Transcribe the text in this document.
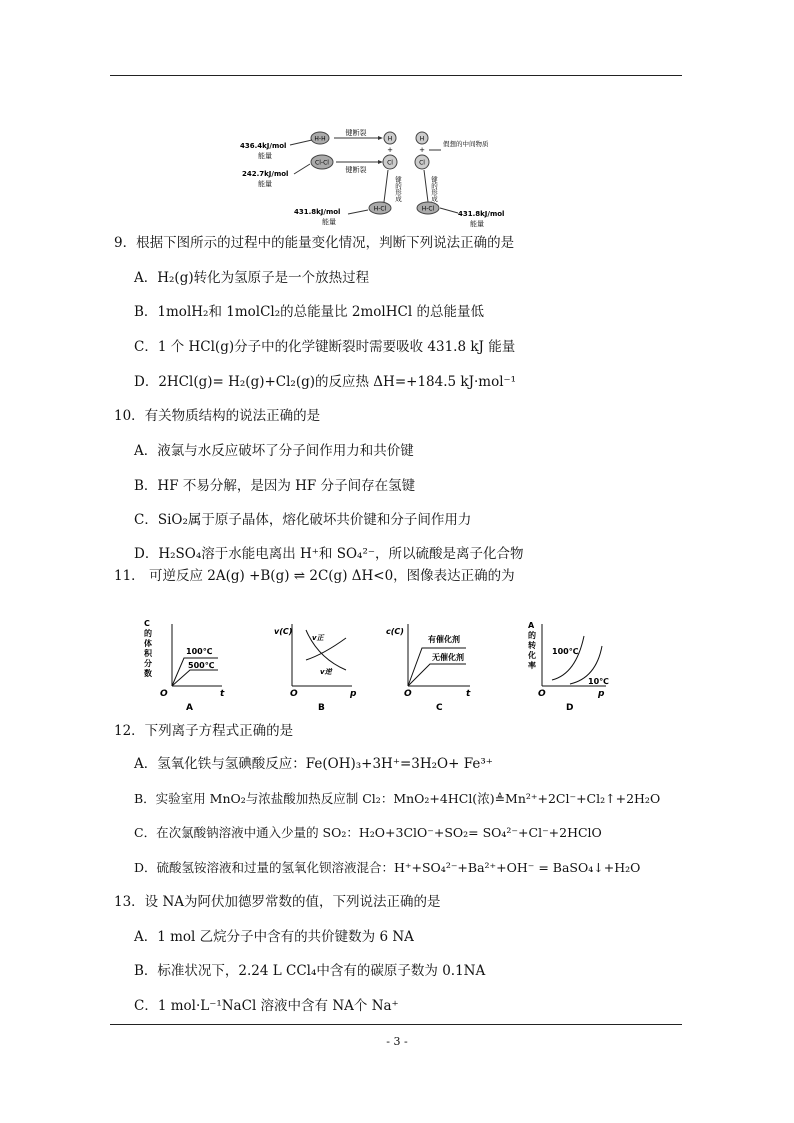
H-H
Cl-Cl
键断裂
键断裂
H
+
Cl
H
+
Cl
假想的中间物质
键的形成	键的形成
H-Cl	H-Cl
436.4kJ/mol
能量
242.7kJ/mol
能量
431.8kJ/mol
能量
431.8kJ/mol
能量
9．根据下图所示的过程中的能量变化情况，判断下列说法正确的是
A．H₂(g)转化为氢原子是一个放热过程
B．1molH₂和 1molCl₂的总能量比 2molHCl 的总能量低
C．1 个 HCl(g)分子中的化学键断裂时需要吸收 431.8 kJ 能量
D．2HCl(g)= H₂(g)+Cl₂(g)的反应热 ΔH=+184.5 kJ·mol⁻¹
10．有关物质结构的说法正确的是
A．液氯与水反应破坏了分子间作用力和共价键
B．HF 不易分解，是因为 HF 分子间存在氢键
C．SiO₂属于原子晶体，熔化破坏共价键和分子间作用力
D．H₂SO₄溶于水能电离出 H⁺和 SO₄²⁻，所以硫酸是离子化合物
11． 可逆反应 2A(g) +B(g) ⇌ 2C(g) ΔH<0，图像表达正确的为
C 的体积分数
100℃
500℃
O	t
A
v(C)
v正
v逆
O	p
B
c(C)
有催化剂
无催化剂
O	t
C
A 的转化率
100℃
10℃
O	p
D
12．下列离子方程式正确的是
A．氢氧化铁与氢碘酸反应：Fe(OH)₃+3H⁺=3H₂O+ Fe³⁺
B．实验室用 MnO₂与浓盐酸加热反应制 Cl₂：MnO₂+4HCl(浓)≜Mn²⁺+2Cl⁻+Cl₂↑+2H₂O
C．在次氯酸钠溶液中通入少量的 SO₂：H₂O+3ClO⁻+SO₂= SO₄²⁻+Cl⁻+2HClO
D．硫酸氢铵溶液和过量的氢氧化钡溶液混合：H⁺+SO₄²⁻+Ba²⁺+OH⁻ = BaSO₄↓+H₂O
13．设 NA为阿伏加德罗常数的值，下列说法正确的是
A．1 mol 乙烷分子中含有的共价键数为 6 NA
B．标准状况下，2.24 L CCl₄中含有的碳原子数为 0.1NA
C．1 mol·L⁻¹NaCl 溶液中含有 NA个 Na⁺
- 3 -
